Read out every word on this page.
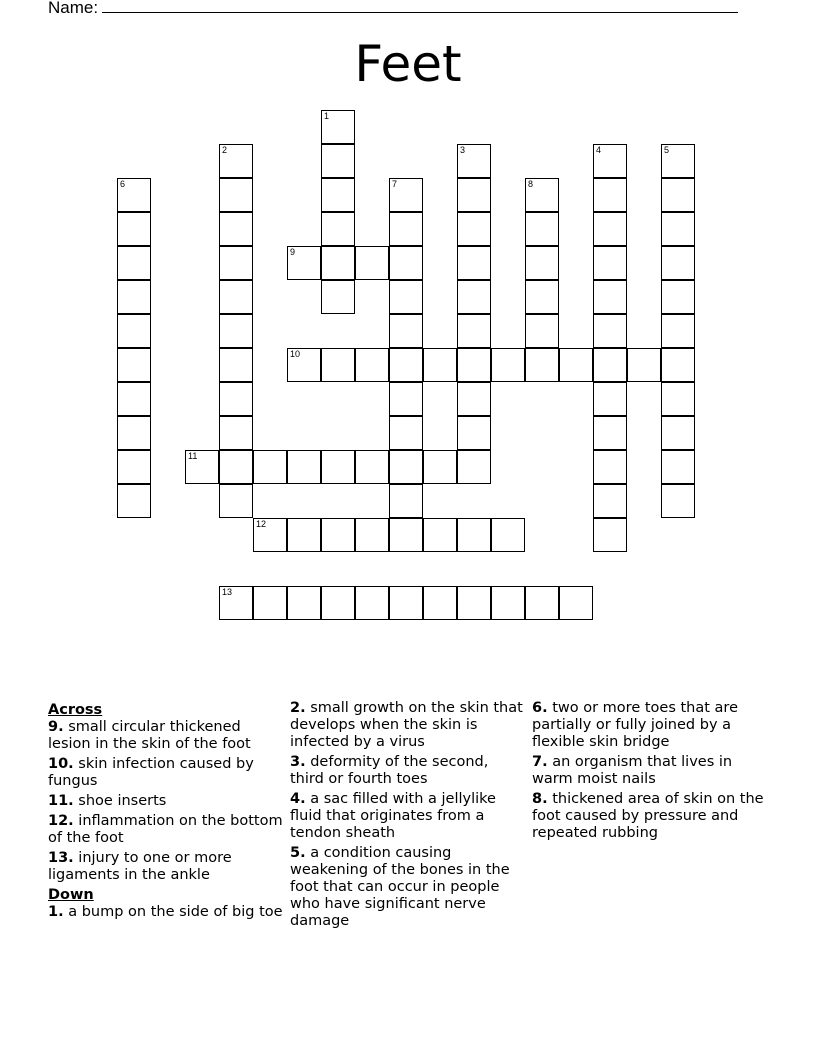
Name:
Feet
1
2	3	4	5
6	7	8
9
10
11
12
13
Across
9. small circular thickened lesion in the skin of the foot
10. skin infection caused by fungus
11. shoe inserts
12. inflammation on the bottom of the foot
13. injury to one or more ligaments in the ankle
Down
1. a bump on the side of big toe
2. small growth on the skin that develops when the skin is infected by a virus
3. deformity of the second, third or fourth toes
4. a sac filled with a jellylike fluid that originates from a tendon sheath
5. a condition causing weakening of the bones in the foot that can occur in people who have significant nerve damage
6. two or more toes that are partially or fully joined by a flexible skin bridge
7. an organism that lives in warm moist nails
8. thickened area of skin on the foot caused by pressure and repeated rubbing
